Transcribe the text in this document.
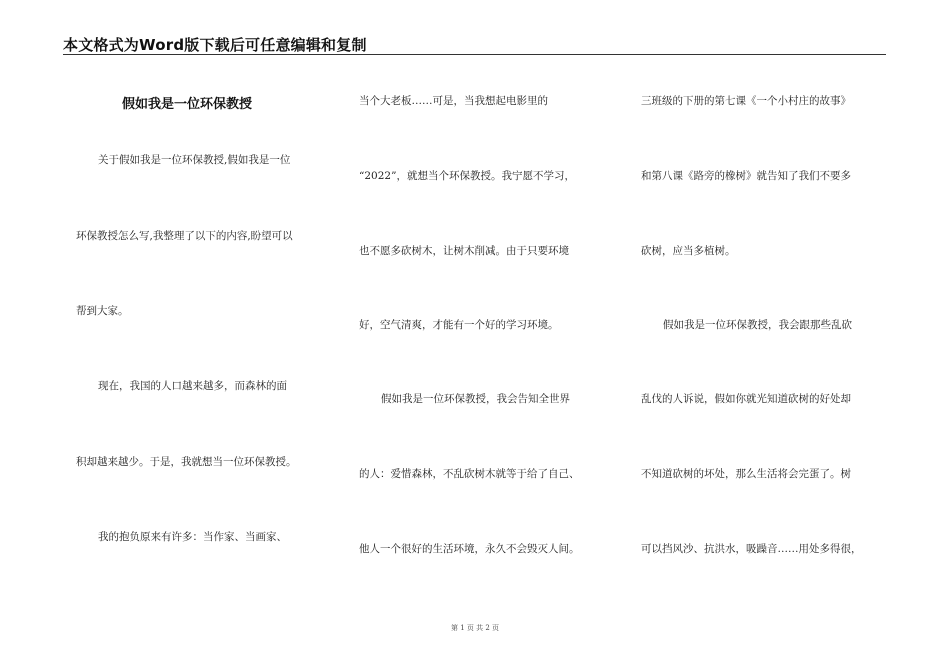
本文格式为Word版下载后可任意编辑和复制
假如我是一位环保教授
关于假如我是一位环保教授,假如我是一位
环保教授怎么写,我整理了以下的内容,盼望可以
帮到大家。
现在，我国的人口越来越多，而森林的面
积却越来越少。于是，我就想当一位环保教授。
我的抱负原来有许多：当作家、当画家、
当个大老板……可是，当我想起电影里的
“2022”，就想当个环保教授。我宁愿不学习，
也不愿多砍树木，让树木削减。由于只要环境
好，空气清爽，才能有一个好的学习环境。
假如我是一位环保教授，我会告知全世界
的人：爱惜森林，不乱砍树木就等于给了自己、
他人一个很好的生活环境，永久不会毁灭人间。
三班级的下册的第七课《一个小村庄的故事》
和第八课《路旁的橡树》就告知了我们不要多
砍树，应当多植树。
假如我是一位环保教授，我会跟那些乱砍
乱伐的人诉说，假如你就光知道砍树的好处却
不知道砍树的坏处，那么生活将会完蛋了。树
可以挡风沙、抗洪水，吸躁音……用处多得很，
第 1 页 共 2 页
